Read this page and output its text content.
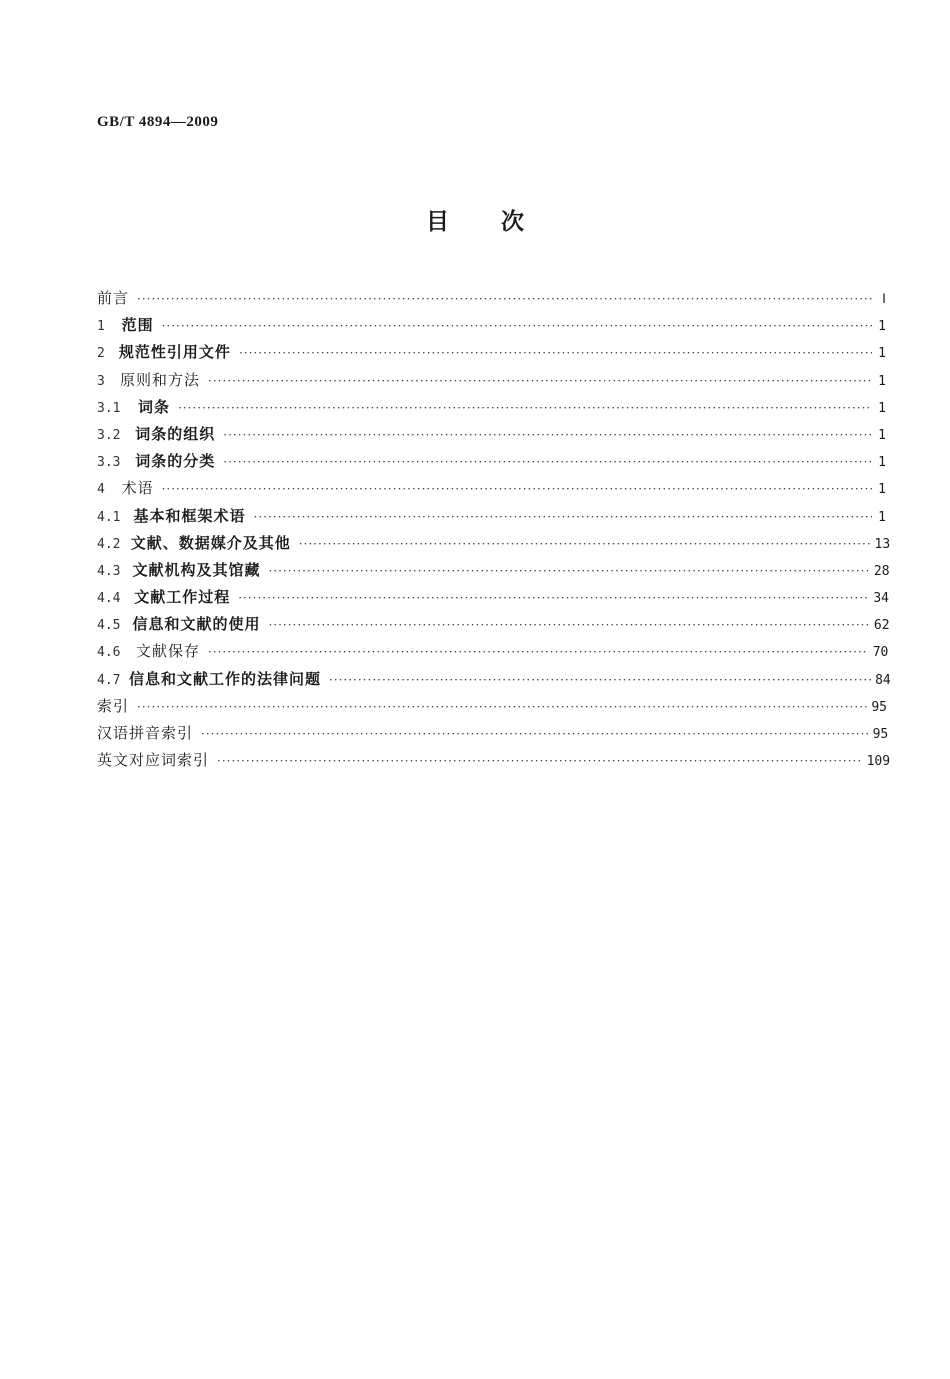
GB/T 4894—2009
目次
前言 ·····	Ⅰ
1	范围 ·····	1
2 规范性引用文件 ·····	1
3	原则和方法 ·····	1
3.1	词条 ·····	1
3.2 词条的组织 ·····	1
3.3 词条的分类 ·····	1
4	术语 ·····	1
4.1 基本和框架术语 ·····	1
4.2 文献、数据媒介及其他 ·····	13
4.3 文献机构及其馆藏 ·····	28
4.4 文献工作过程 ·····	34
4.5 信息和文献的使用 ·····	62
4.6	文献保存 ·····	70
4.7 信息和文献工作的法律问题 ·····	84
索引 ·····	95
汉语拼音索引 ·····	95
英文对应词索引 ·····	109
